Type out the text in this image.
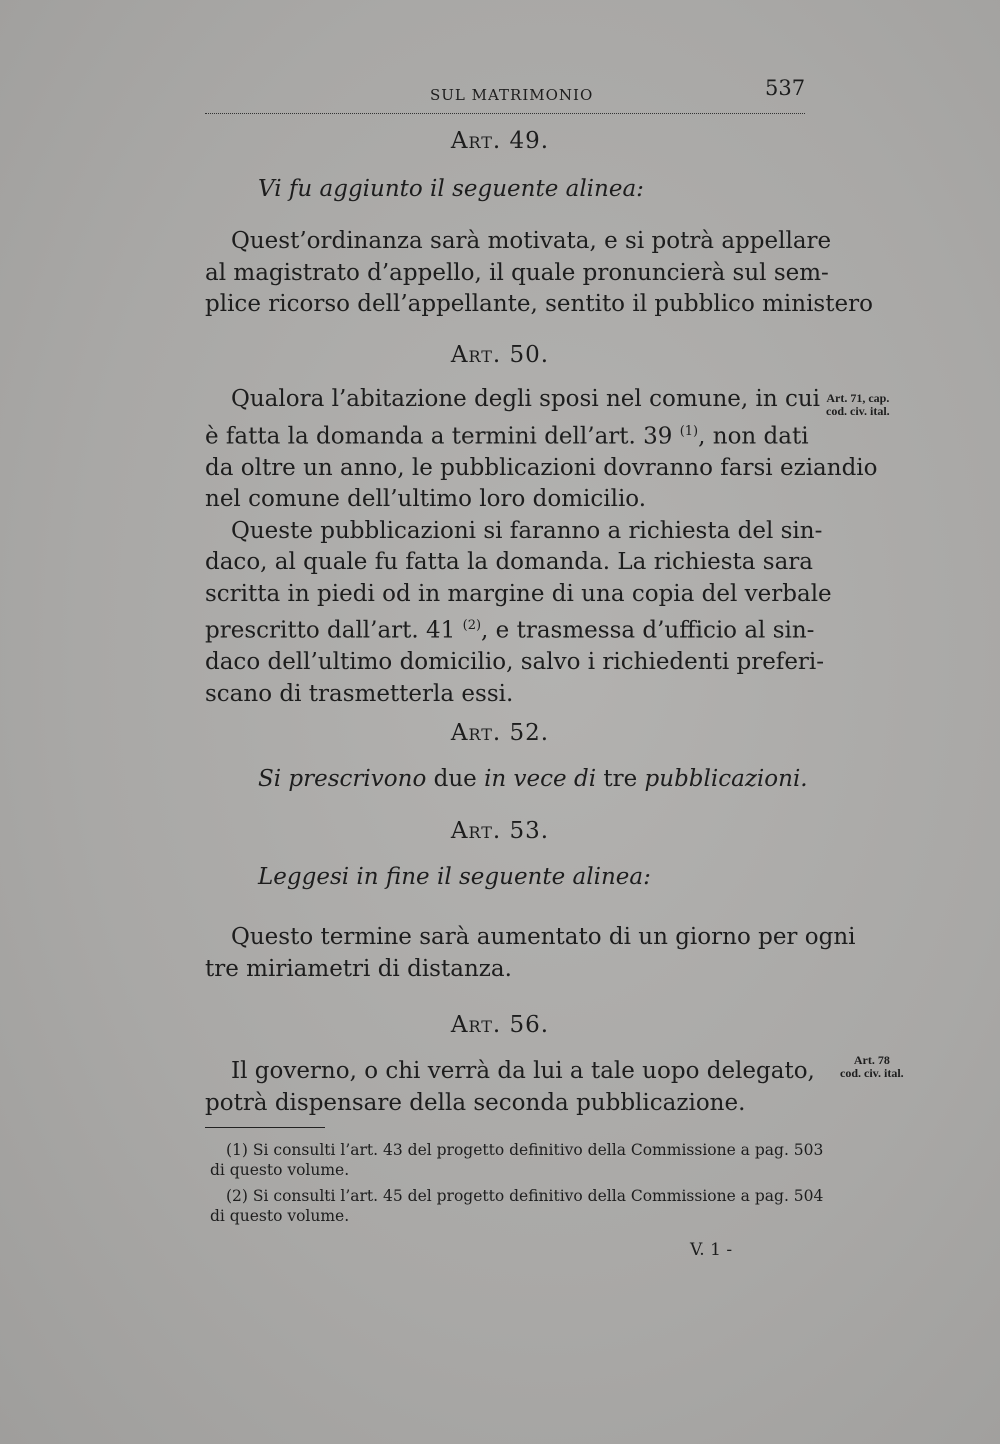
SUL MATRIMONIO	537
Art. 49.
Vi fu aggiunto il seguente alinea:
Quest’ordinanza sarà motivata, e si potrà appellare
al magistrato d’appello, il quale pronuncierà sul sem-
plice ricorso dell’appellante, sentito il pubblico ministero
Art. 50.
Qualora l’abitazione degli sposi nel comune, in cui
è fatta la domanda a termini dell’art. 39 $^{(1)}$, non dati
da oltre un anno, le pubblicazioni dovranno farsi eziandio
nel comune dell’ultimo loro domicilio.
Queste pubblicazioni si faranno a richiesta del sin-
daco, al quale fu fatta la domanda. La richiesta sara
scritta in piedi od in margine di una copia del verbale
prescritto dall’art. 41 $^{(2)}$, e trasmessa d’ufficio al sin-
daco dell’ultimo domicilio, salvo i richiedenti preferi-
scano di trasmetterla essi.
Art. 71, cap.
cod. civ. ital.
Art. 52.
Si prescrivono due in vece di tre pubblicazioni.
Art. 53.
Leggesi in fine il seguente alinea:
Questo termine sarà aumentato di un giorno per ogni
tre miriametri di distanza.
Art. 56.
Il governo, o chi verrà da lui a tale uopo delegato,
potrà dispensare della seconda pubblicazione.
Art. 78
cod. civ. ital.
(1) Si consulti l’art. 43 del progetto definitivo della Commissione a pag. 503
di questo volume.
(2) Si consulti l’art. 45 del progetto definitivo della Commissione a pag. 504
di questo volume.
V. 1 -
